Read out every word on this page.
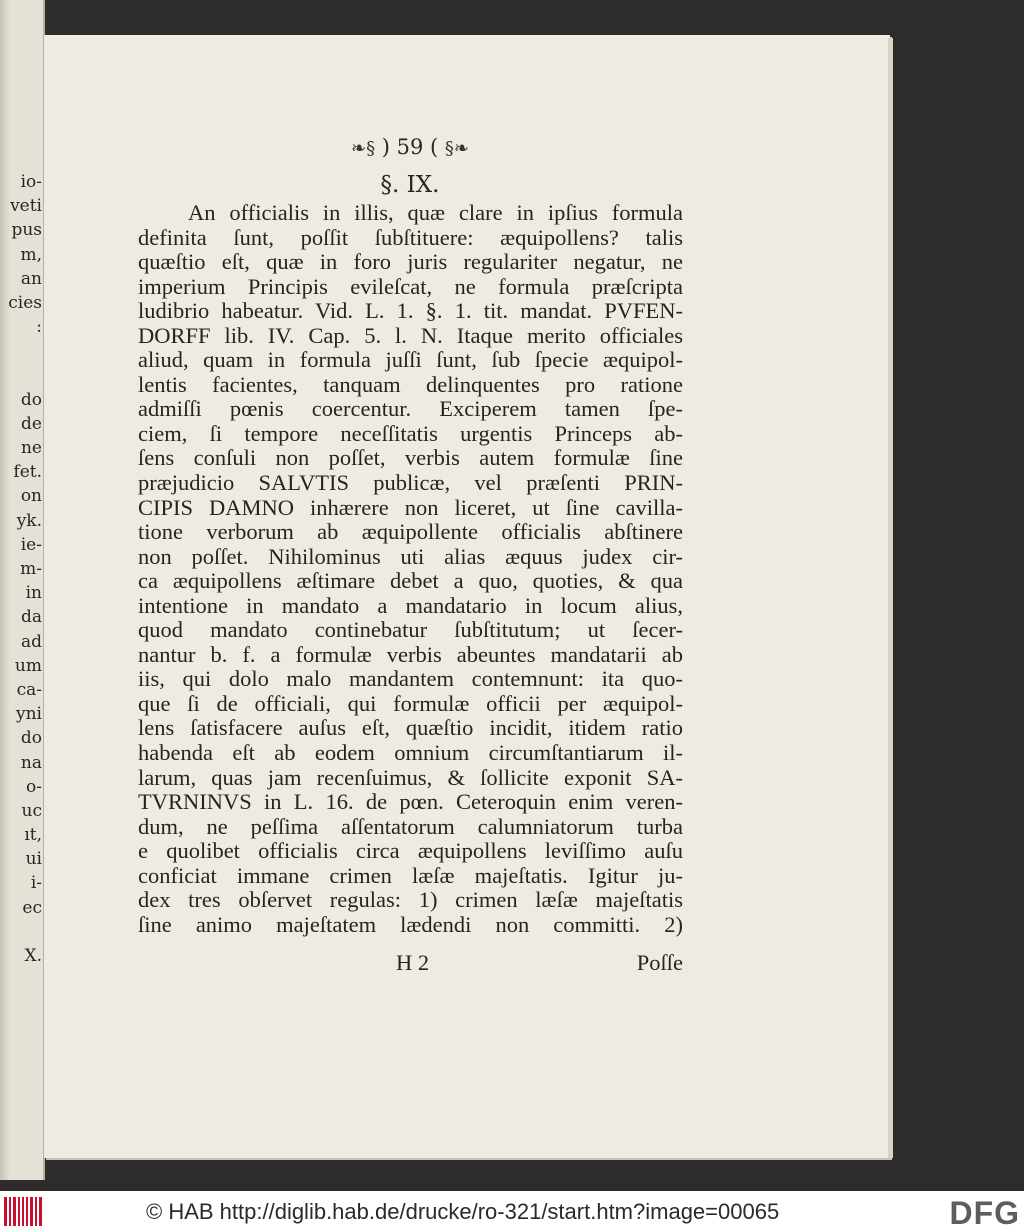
io-
veti
pus
m,
an
cies
:
do
de
ne
fet.
on
yk.
ie-
m-
in
da
ad
um
ca-
yni
do
na
o-
uc
ıt,
ui
i-
ec
X.
❧§ ) 59 ( §❧
§. IX.
An officialis in illis, quæ clare in ipſius formula
definita ſunt, poſſit ſubſtituere: æquipollens? talis
quæſtio eſt, quæ in foro juris regulariter negatur, ne
imperium Principis evileſcat, ne formula præſcripta
ludibrio habeatur. Vid. L. 1. §. 1. tit. mandat. PVFEN-
DORFF lib. IV. Cap. 5. l. N. Itaque merito officiales
aliud, quam in formula juſſi ſunt, ſub ſpecie æquipol-
lentis facientes, tanquam delinquentes pro ratione
admiſſi pœnis coercentur. Exciperem tamen ſpe-
ciem, ſi tempore neceſſitatis urgentis Princeps ab-
ſens conſuli non poſſet, verbis autem formulæ ſine
præjudicio SALVTIS publicæ, vel præſenti PRIN-
CIPIS DAMNO inhærere non liceret, ut ſine cavilla-
tione verborum ab æquipollente officialis abſtinere
non poſſet. Nihilominus uti alias æquus judex cir-
ca æquipollens æſtimare debet a quo, quoties, & qua
intentione in mandato a mandatario in locum alius,
quod mandato continebatur ſubſtitutum; ut ſecer-
nantur b. f. a formulæ verbis abeuntes mandatarii ab
iis, qui dolo malo mandantem contemnunt: ita quo-
que ſi de officiali, qui formulæ officii per æquipol-
lens ſatisfacere auſus eſt, quæſtio incidit, itidem ratio
habenda eſt ab eodem omnium circumſtantiarum il-
larum, quas jam recenſuimus, & ſollicite exponit SA-
TVRNINVS in L. 16. de pœn. Ceteroquin enim veren-
dum, ne peſſima aſſentatorum calumniatorum turba
e quolibet officialis circa æquipollens leviſſimo auſu
conficiat immane crimen læſæ majeſtatis. Igitur ju-
dex tres obſervet regulas: 1) crimen læſæ majeſtatis
ſine animo majeſtatem lædendi non committi. 2)
H 2	Poſſe
© HAB http://diglib.hab.de/drucke/ro-321/start.htm?image=00065	DFG
